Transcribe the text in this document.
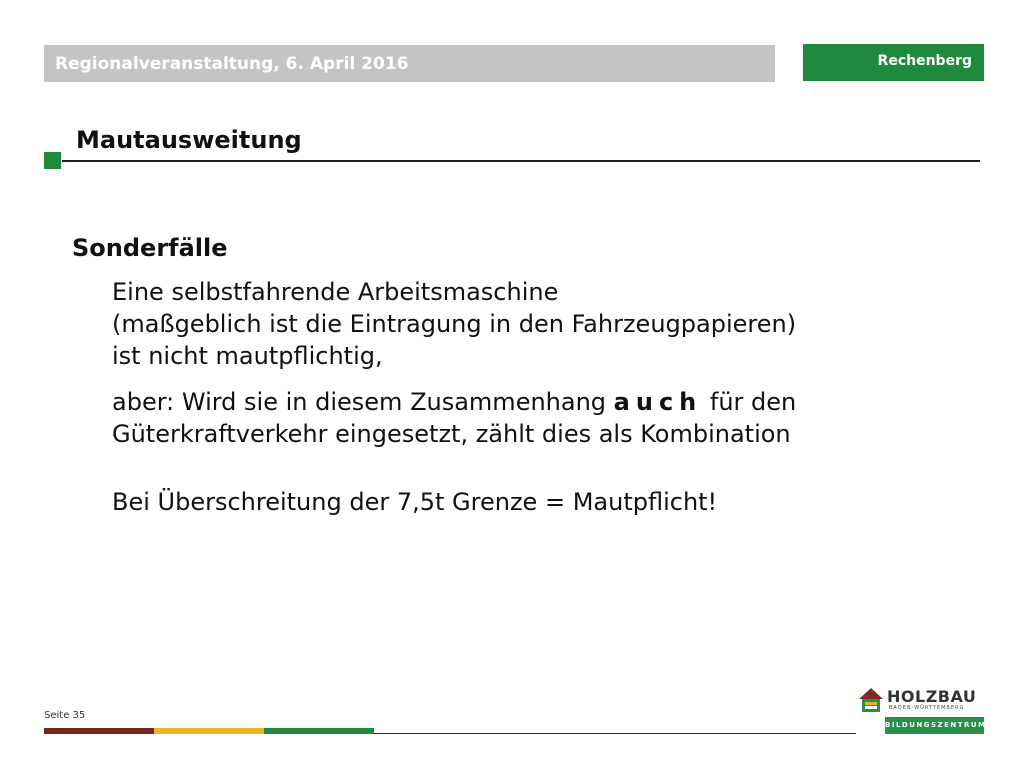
Regionalveranstaltung, 6. April 2016	Rechenberg
Mautausweitung
Sonderfälle
Eine selbstfahrende Arbeitsmaschine
(maßgeblich ist die Eintragung in den Fahrzeugpapieren)
ist nicht mautpflichtig,
aber: Wird sie in diesem Zusammenhang auch für den
Güterkraftverkehr eingesetzt, zählt dies als Kombination
Bei Überschreitung der 7,5t Grenze = Mautpflicht!
Seite 35
HOLZBAU
BADEN-WÜRTTEMBERG
BILDUNGSZENTRUM
